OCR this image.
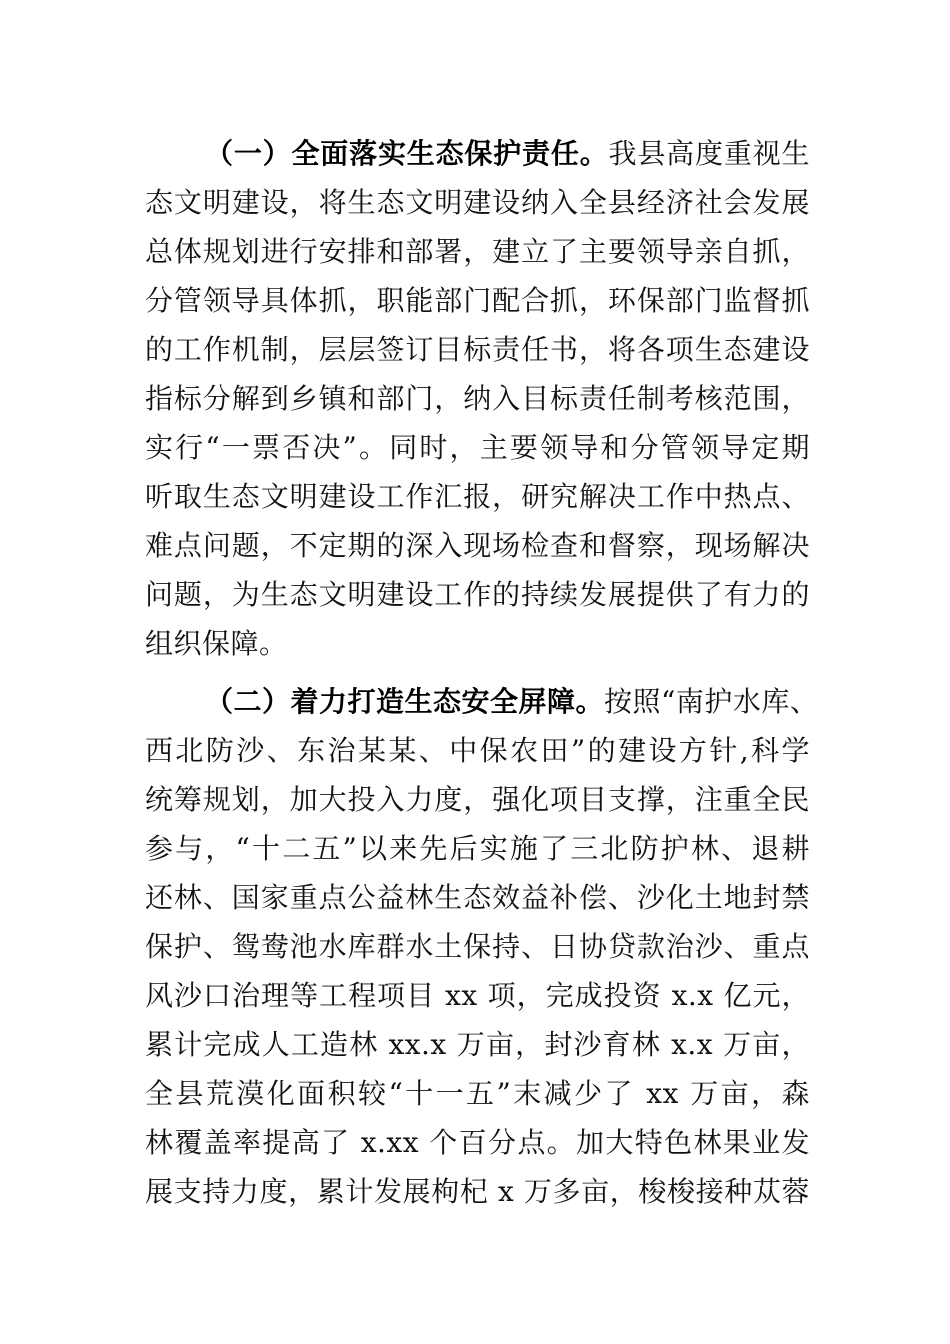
（一）全面落实生态保护责任。我县高度重视生
态文明建设，将生态文明建设纳入全县经济社会发展
总体规划进行安排和部署，建立了主要领导亲自抓，
分管领导具体抓，职能部门配合抓，环保部门监督抓
的工作机制，层层签订目标责任书，将各项生态建设
指标分解到乡镇和部门，纳入目标责任制考核范围，
实行“一票否决”。同时，主要领导和分管领导定期
听取生态文明建设工作汇报，研究解决工作中热点、
难点问题，不定期的深入现场检查和督察，现场解决
问题，为生态文明建设工作的持续发展提供了有力的
组织保障。
（二）着力打造生态安全屏障。按照“南护水库、
西北防沙、东治某某、中保农田”的建设方针,科学
统筹规划，加大投入力度，强化项目支撑，注重全民
参与，“十二五”以来先后实施了三北防护林、退耕
还林、国家重点公益林生态效益补偿、沙化土地封禁
保护、鸳鸯池水库群水土保持、日协贷款治沙、重点
风沙口治理等工程项目 xx 项，完成投资 x.x 亿元，
累计完成人工造林 xx.x 万亩，封沙育林 x.x 万亩，
全县荒漠化面积较“十一五”末减少了 xx 万亩，森
林覆盖率提高了 x.xx 个百分点。加大特色林果业发
展支持力度，累计发展枸杞 x 万多亩，梭梭接种苁蓉
